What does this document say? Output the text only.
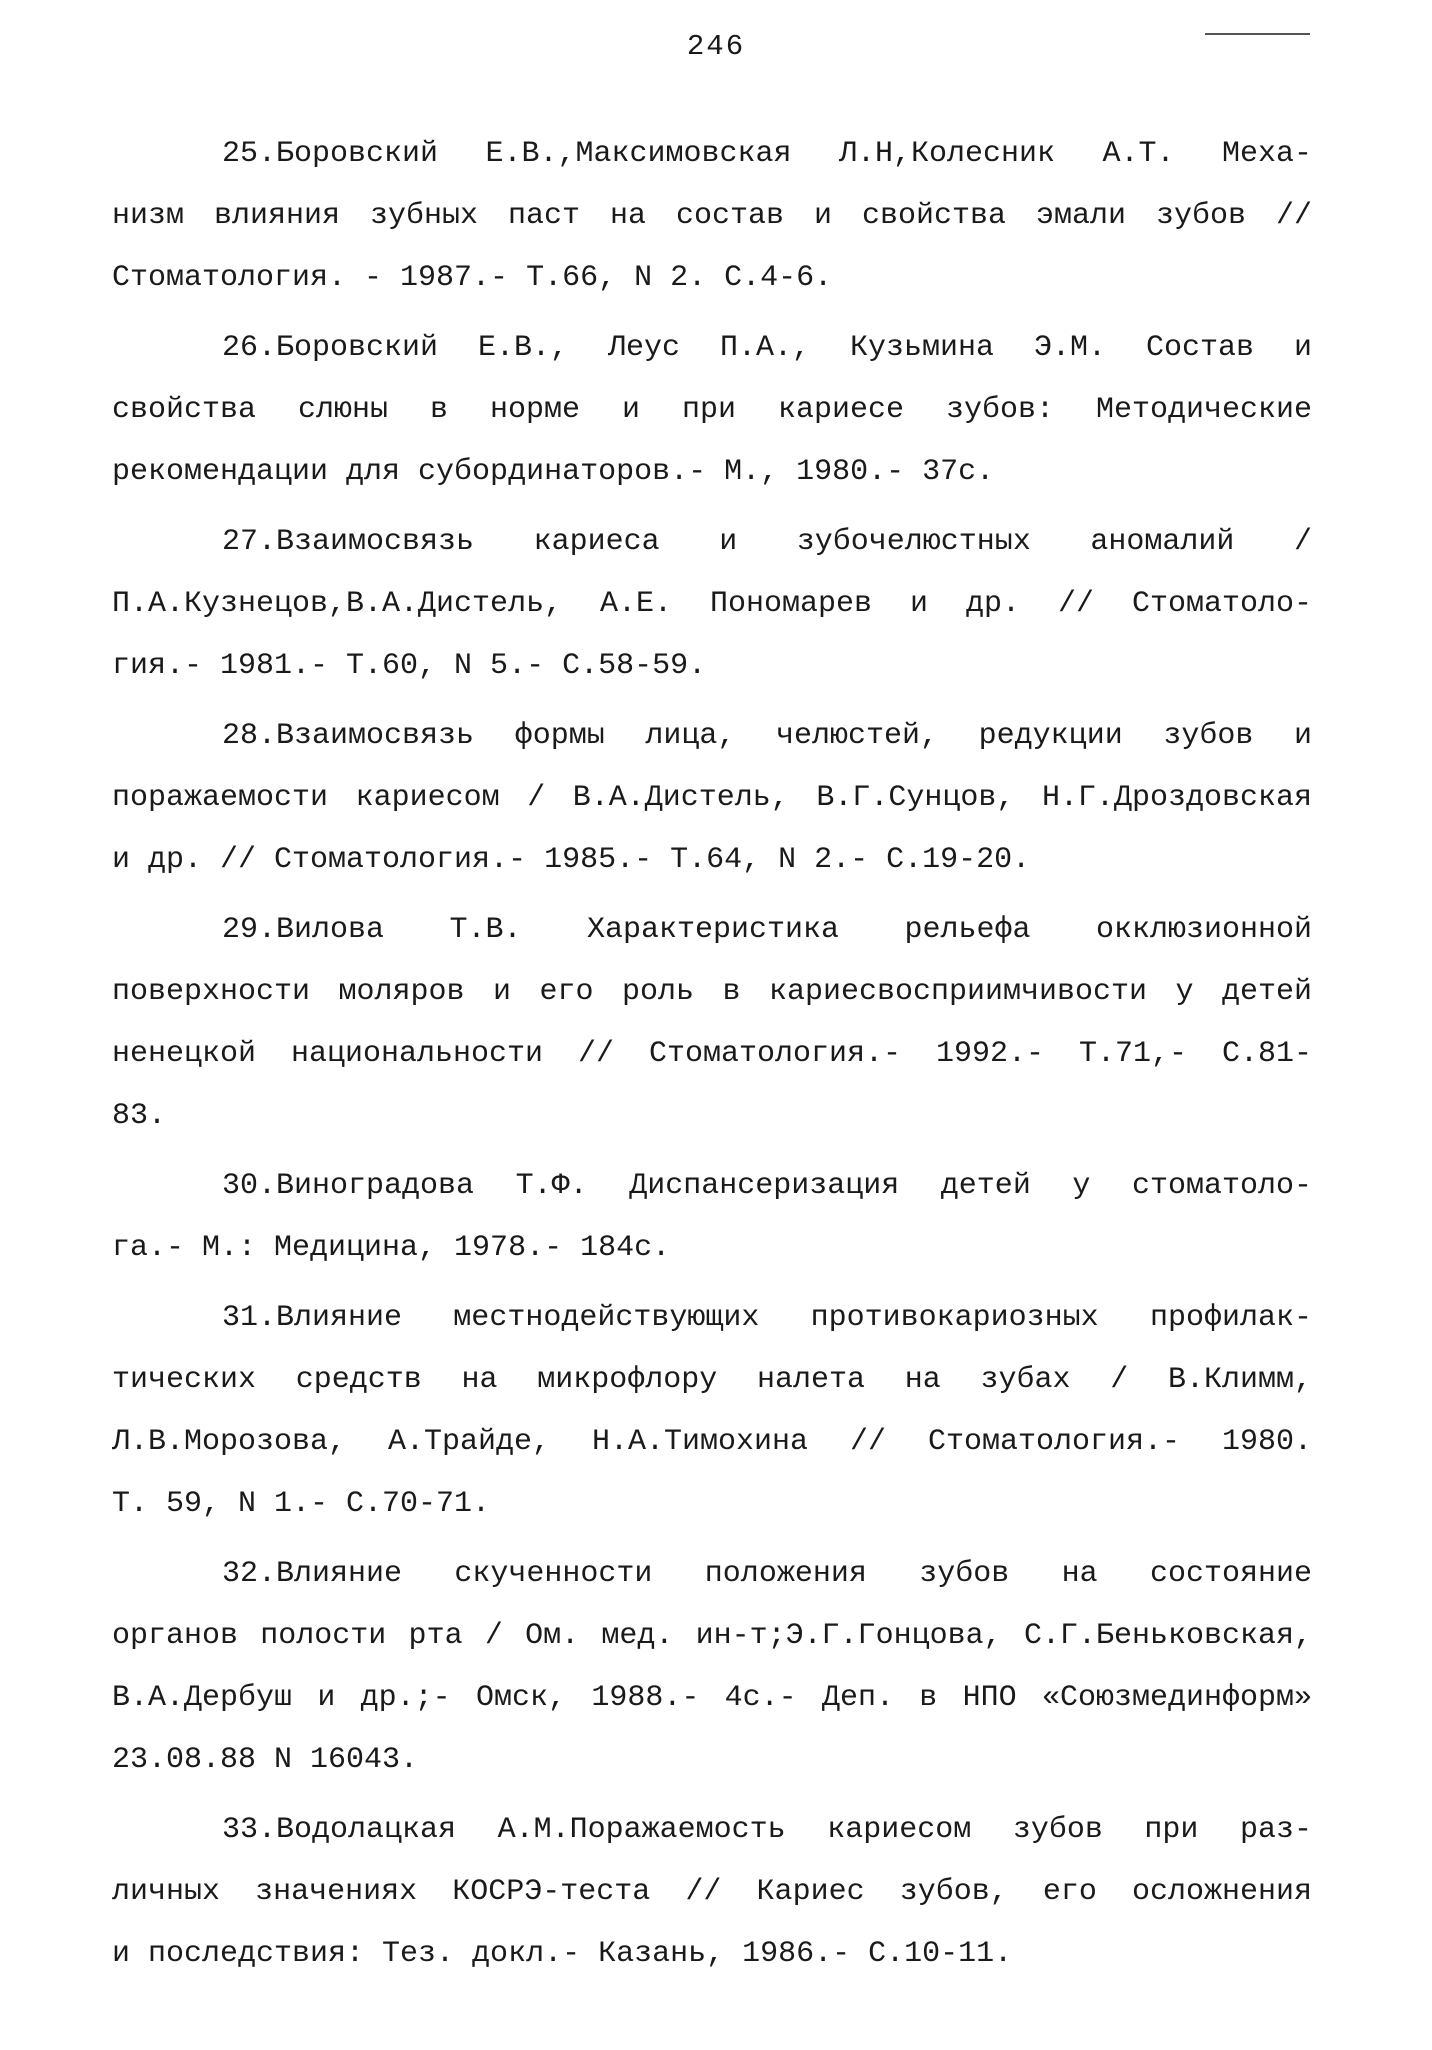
246
25.Боровский Е.В.,Максимовская Л.Н,Колесник А.Т. Меха-
низм влияния зубных паст на состав и свойства эмали зубов //
Стоматология. - 1987.- Т.66, N 2. С.4-6.
26.Боровский Е.В., Леус П.А., Кузьмина Э.М. Состав и
свойства слюны в норме и при кариесе зубов: Методические
рекомендации для субординаторов.- М., 1980.- 37с.
27.Взаимосвязь кариеса и зубочелюстных аномалий /
П.А.Кузнецов,В.А.Дистель, А.Е. Пономарев и др. // Стоматоло-
гия.- 1981.- Т.60, N 5.- С.58-59.
28.Взаимосвязь формы лица, челюстей, редукции зубов и
поражаемости кариесом / В.А.Дистель, В.Г.Сунцов, Н.Г.Дроздовская
и др. // Стоматология.- 1985.- Т.64, N 2.- С.19-20.
29.Вилова Т.В. Характеристика рельефа окклюзионной
поверхности моляров и его роль в кариесвосприимчивости у детей
ненецкой национальности // Стоматология.- 1992.- Т.71,- С.81-
83.
30.Виноградова Т.Ф. Диспансеризация детей у стоматоло-
га.- М.: Медицина, 1978.- 184с.
31.Влияние местнодействующих противокариозных профилак-
тических средств на микрофлору налета на зубах / В.Климм,
Л.В.Морозова, А.Трайде, Н.А.Тимохина // Стоматология.- 1980.
Т. 59, N 1.- С.70-71.
32.Влияние скученности положения зубов на состояние
органов полости рта / Ом. мед. ин-т;Э.Г.Гонцова, С.Г.Беньковская,
В.А.Дербуш и др.;- Омск, 1988.- 4с.- Деп. в НПО «Союзмединформ»
23.08.88 N 16043.
33.Водолацкая А.М.Поражаемость кариесом зубов при раз-
личных значениях КОСРЭ-теста // Кариес зубов, его осложнения
и последствия: Тез. докл.- Казань, 1986.- С.10-11.
